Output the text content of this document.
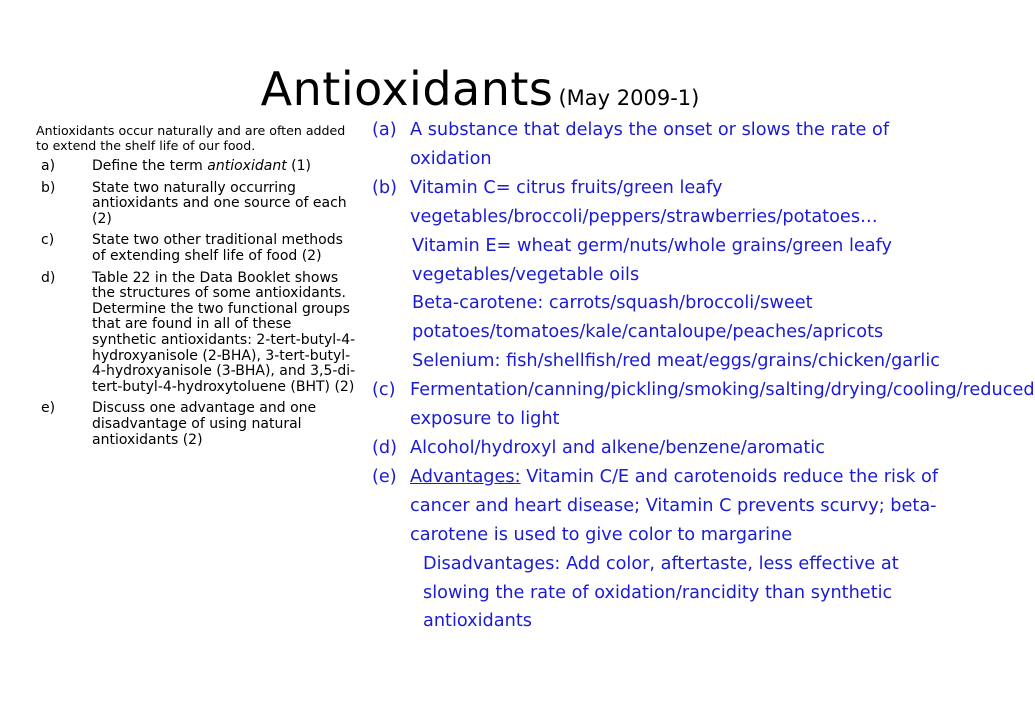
Antioxidants (May 2009-1)

Antioxidants occur naturally and are often added to extend the shelf life of our food.

a)	Define the term antioxidant (1)
b)	State two naturally occurring antioxidants and one source of each (2)
c)	State two other traditional methods of extending shelf life of food (2)
d)	Table 22 in the Data Booklet shows the structures of some antioxidants. Determine the two functional groups that are found in all of these synthetic antioxidants: 2-tert-butyl-4-hydroxyanisole (2-BHA), 3-tert-butyl-4-hydroxyanisole (3-BHA), and 3,5-di-tert-butyl-4-hydroxytoluene (BHT) (2)
e)	Discuss one advantage and one disadvantage of using natural antioxidants (2)
(a) A substance that delays the onset or slows the rate of oxidation
(b) Vitamin C= citrus fruits/green leafy vegetables/broccoli/peppers/strawberries/potatoes…
Vitamin E= wheat germ/nuts/whole grains/green leafy vegetables/vegetable oils
Beta-carotene: carrots/squash/broccoli/sweet potatoes/tomatoes/kale/cantaloupe/peaches/apricots
Selenium: fish/shellfish/red meat/eggs/grains/chicken/garlic
(c) Fermentation/canning/pickling/smoking/salting/drying/cooling/reduced exposure to light
(d) Alcohol/hydroxyl and alkene/benzene/aromatic
(e) Advantages: Vitamin C/E and carotenoids reduce the risk of cancer and heart disease; Vitamin C prevents scurvy; beta-carotene is used to give color to margarine
Disadvantages: Add color, aftertaste, less effective at slowing the rate of oxidation/rancidity than synthetic antioxidants
